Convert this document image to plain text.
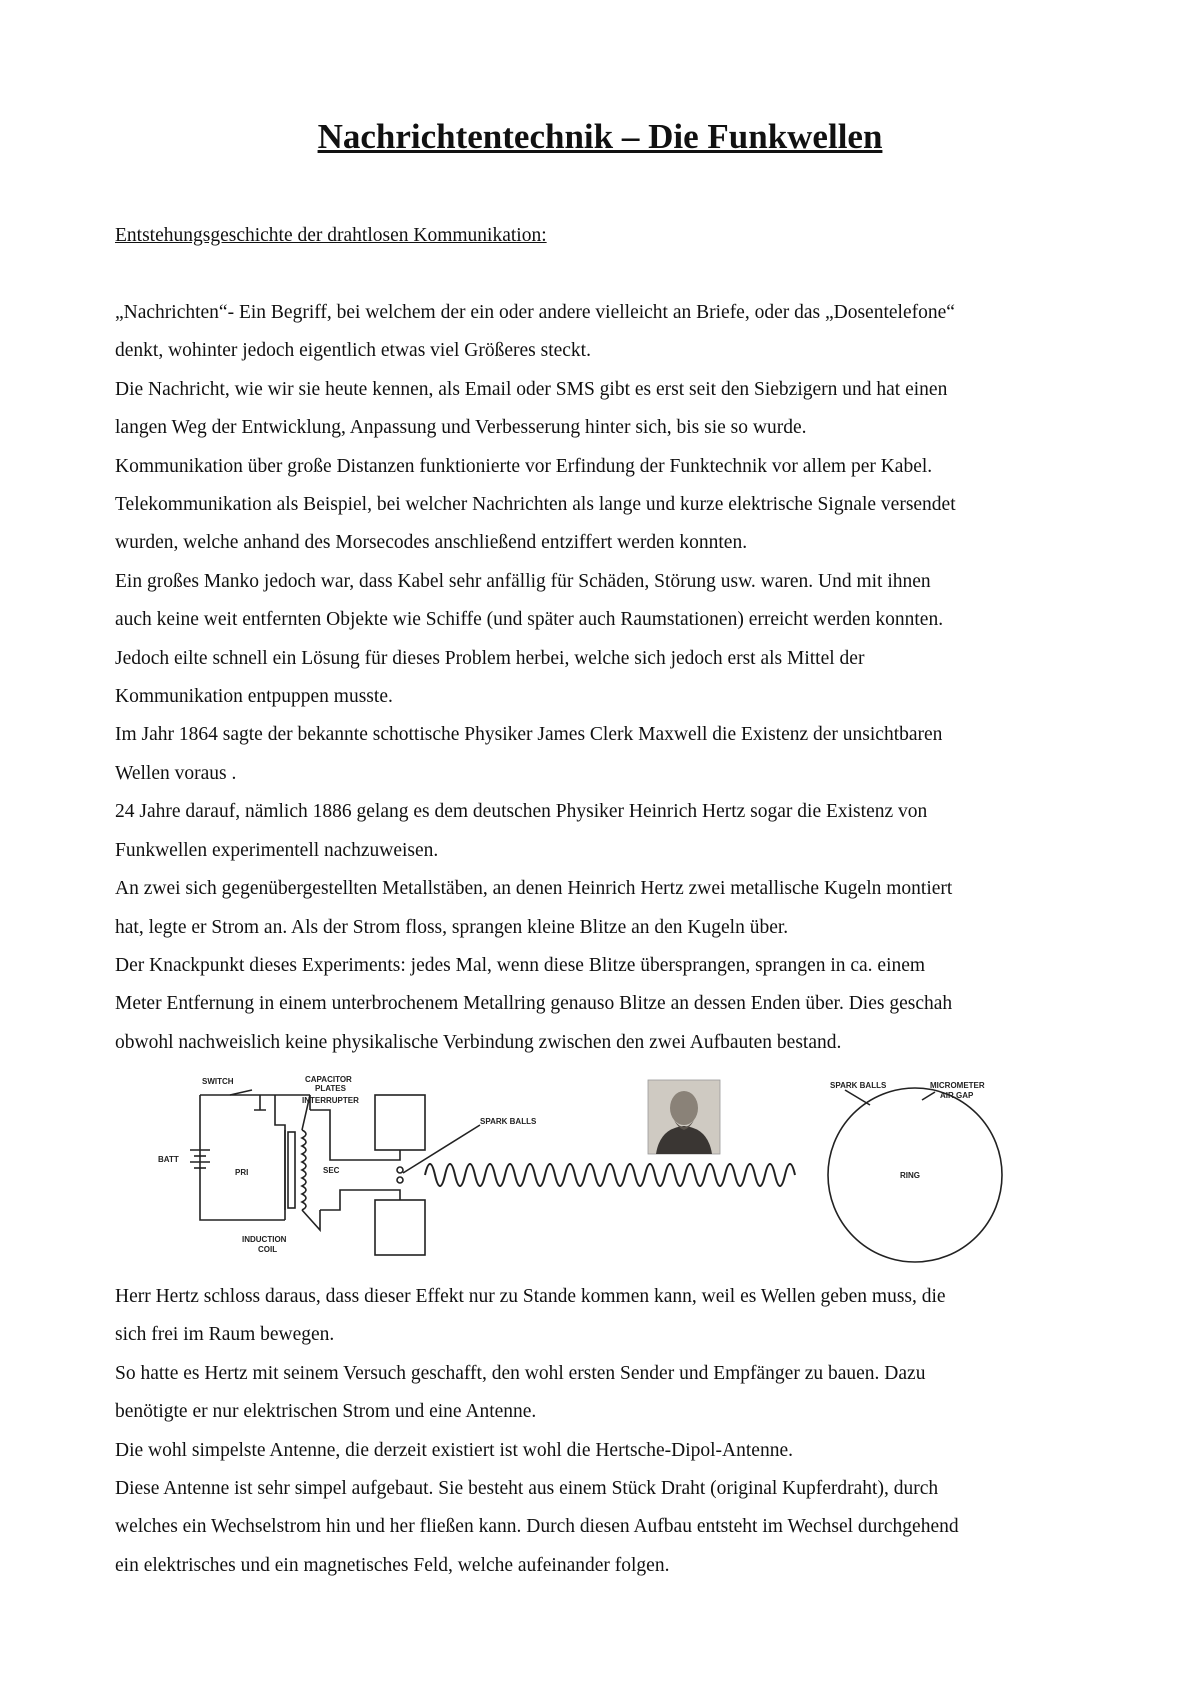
Nachrichtentechnik – Die Funkwellen

Entstehungsgeschichte der drahtlosen Kommunikation:

„Nachrichten“- Ein Begriff, bei welchem der ein oder andere vielleicht an Briefe, oder das „Dosentelefone“
denkt, wohinter jedoch eigentlich etwas viel Größeres steckt.
Die Nachricht, wie wir sie heute kennen, als Email oder SMS gibt es erst seit den Siebzigern und hat einen
langen Weg der Entwicklung, Anpassung und Verbesserung hinter sich, bis sie so wurde.
Kommunikation über große Distanzen funktionierte vor Erfindung der Funktechnik vor allem per Kabel.
Telekommunikation als Beispiel, bei welcher Nachrichten als lange und kurze elektrische Signale versendet
wurden, welche anhand des Morsecodes anschließend entziffert werden konnten.
Ein großes Manko jedoch war, dass Kabel sehr anfällig für Schäden, Störung usw. waren. Und mit ihnen
auch keine weit entfernten Objekte wie Schiffe (und später auch Raumstationen) erreicht werden konnten.
Jedoch eilte schnell ein Lösung für dieses Problem herbei, welche sich jedoch erst als Mittel der
Kommunikation entpuppen musste.
Im Jahr 1864 sagte der bekannte schottische Physiker James Clerk Maxwell die Existenz der unsichtbaren
Wellen voraus .
24 Jahre darauf, nämlich 1886 gelang es dem deutschen Physiker Heinrich Hertz sogar die Existenz von
Funkwellen experimentell nachzuweisen.
An zwei sich gegenübergestellten Metallstäben, an denen Heinrich Hertz zwei metallische Kugeln montiert
hat, legte er Strom an. Als der Strom floss, sprangen kleine Blitze an den Kugeln über.
Der Knackpunkt dieses Experiments: jedes Mal, wenn diese Blitze übersprangen, sprangen in ca. einem
Meter Entfernung in einem unterbrochenem Metallring genauso Blitze an dessen Enden über. Dies geschah
obwohl nachweislich keine physikalische Verbindung zwischen den zwei Aufbauten bestand.
SWITCH	CAPACITOR
PLATES
INTERRUPTER
BATT
PRI	SEC
INDUCTION
COIL
SPARK BALLS
SPARK BALLS	MICROMETER
AIR GAP
RING
Herr Hertz schloss daraus, dass dieser Effekt nur zu Stande kommen kann, weil es Wellen geben muss, die
sich frei im Raum bewegen.
So hatte es Hertz mit seinem Versuch geschafft, den wohl ersten Sender und Empfänger zu bauen. Dazu
benötigte er nur elektrischen Strom und eine Antenne.
Die wohl simpelste Antenne, die derzeit existiert ist wohl die Hertsche-Dipol-Antenne.
Diese Antenne ist sehr simpel aufgebaut. Sie besteht aus einem Stück Draht (original Kupferdraht), durch
welches ein Wechselstrom hin und her fließen kann. Durch diesen Aufbau entsteht im Wechsel durchgehend
ein elektrisches und ein magnetisches Feld, welche aufeinander folgen.
